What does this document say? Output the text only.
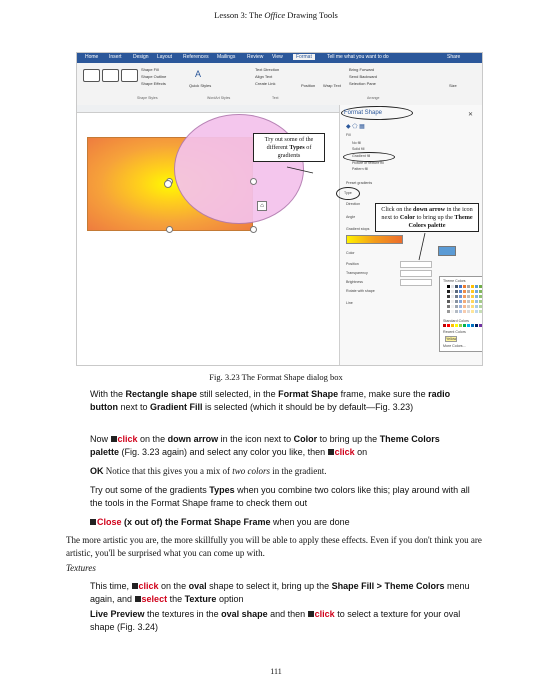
Lesson 3: The Office Drawing Tools
Home Insert Design Layout References Mailings Review View	Format	Tell me what you want to do	Share
Shape Fill
Shape Outline
Shape Effects
A
Quick Styles
Text Direction
Align Text
Create Link	Position Wrap Text
Bring Forward
Send Backward
Selection Pane	Size
Shape Styles	WordArt Styles	Text	Arrange
⌂
Try out some of the different Types of gradients
Format Shape	✕
◆ ⬠ ▦
Fill
No fill
Solid fill
Gradient fill
Picture or texture fill
Pattern fill
Preset gradients
Type
Direction
Angle
Gradient stops
Color
Position
Transparency
Brightness
Rotate with shape
Line
Theme Colors
Standard Colors
Recent Colors
Yellow
More Colors...
Click on the down arrow in the icon next to Color to bring up the Theme Colors palette
Fig. 3.23 The Format Shape dialog box

With the Rectangle shape still selected, in the Format Shape frame, make sure the radio button next to Gradient Fill is selected (which it should be by default—Fig. 3.23)

Now click on the down arrow in the icon next to Color to bring up the Theme Colors palette (Fig. 3.23 again) and select any color you like, then click on

OK Notice that this gives you a mix of two colors in the gradient.

Try out some of the gradients Types when you combine two colors like this; play around with all the tools in the Format Shape frame to check them out

Close (x out of) the Format Shape Frame when you are done

The more artistic you are, the more skillfully you will be able to apply these effects. Even if you don't think you are artistic, you'll be surprised what you can come up with.

Textures

This time, click on the oval shape to select it, bring up the Shape Fill > Theme Colors menu again, and select the Texture option

Live Preview the textures in the oval shape and then click to select a texture for your oval shape (Fig. 3.24)

111
